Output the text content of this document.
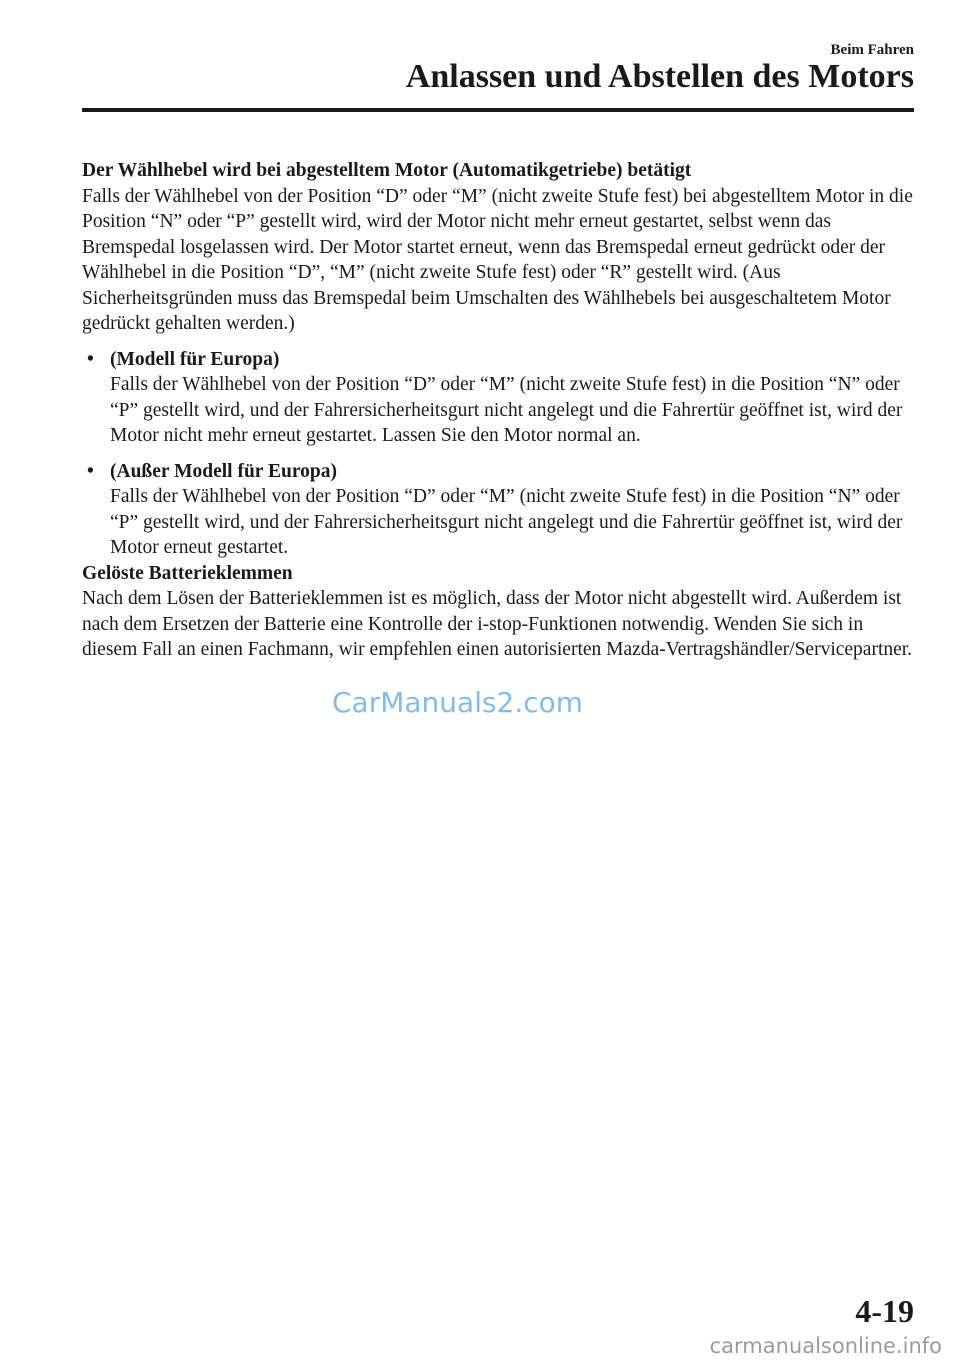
Beim Fahren
Anlassen und Abstellen des Motors

Der Wählhebel wird bei abgestelltem Motor (Automatikgetriebe) betätigt

Falls der Wählhebel von der Position “D” oder “M” (nicht zweite Stufe fest) bei abgestelltem Motor in die Position “N” oder “P” gestellt wird, wird der Motor nicht mehr erneut gestartet, selbst wenn das Bremspedal losgelassen wird. Der Motor startet erneut, wenn das Bremspedal erneut gedrückt oder der Wählhebel in die Position “D”, “M” (nicht zweite Stufe fest) oder “R” gestellt wird. (Aus Sicherheitsgründen muss das Bremspedal beim Umschalten des Wählhebels bei ausgeschaltetem Motor gedrückt gehalten werden.)

• (Modell für Europa)

Falls der Wählhebel von der Position “D” oder “M” (nicht zweite Stufe fest) in die Position “N” oder “P” gestellt wird, und der Fahrersicherheitsgurt nicht angelegt und die Fahrertür geöffnet ist, wird der Motor nicht mehr erneut gestartet. Lassen Sie den Motor normal an.

• (Außer Modell für Europa)

Falls der Wählhebel von der Position “D” oder “M” (nicht zweite Stufe fest) in die Position “N” oder “P” gestellt wird, und der Fahrersicherheitsgurt nicht angelegt und die Fahrertür geöffnet ist, wird der Motor erneut gestartet.

Gelöste Batterieklemmen

Nach dem Lösen der Batterieklemmen ist es möglich, dass der Motor nicht abgestellt wird. Außerdem ist nach dem Ersetzen der Batterie eine Kontrolle der i-stop-Funktionen notwendig. Wenden Sie sich in diesem Fall an einen Fachmann, wir empfehlen einen autorisierten Mazda-Vertragshändler/Servicepartner.

CarManuals2.com
4-19
carmanualsonline.info
